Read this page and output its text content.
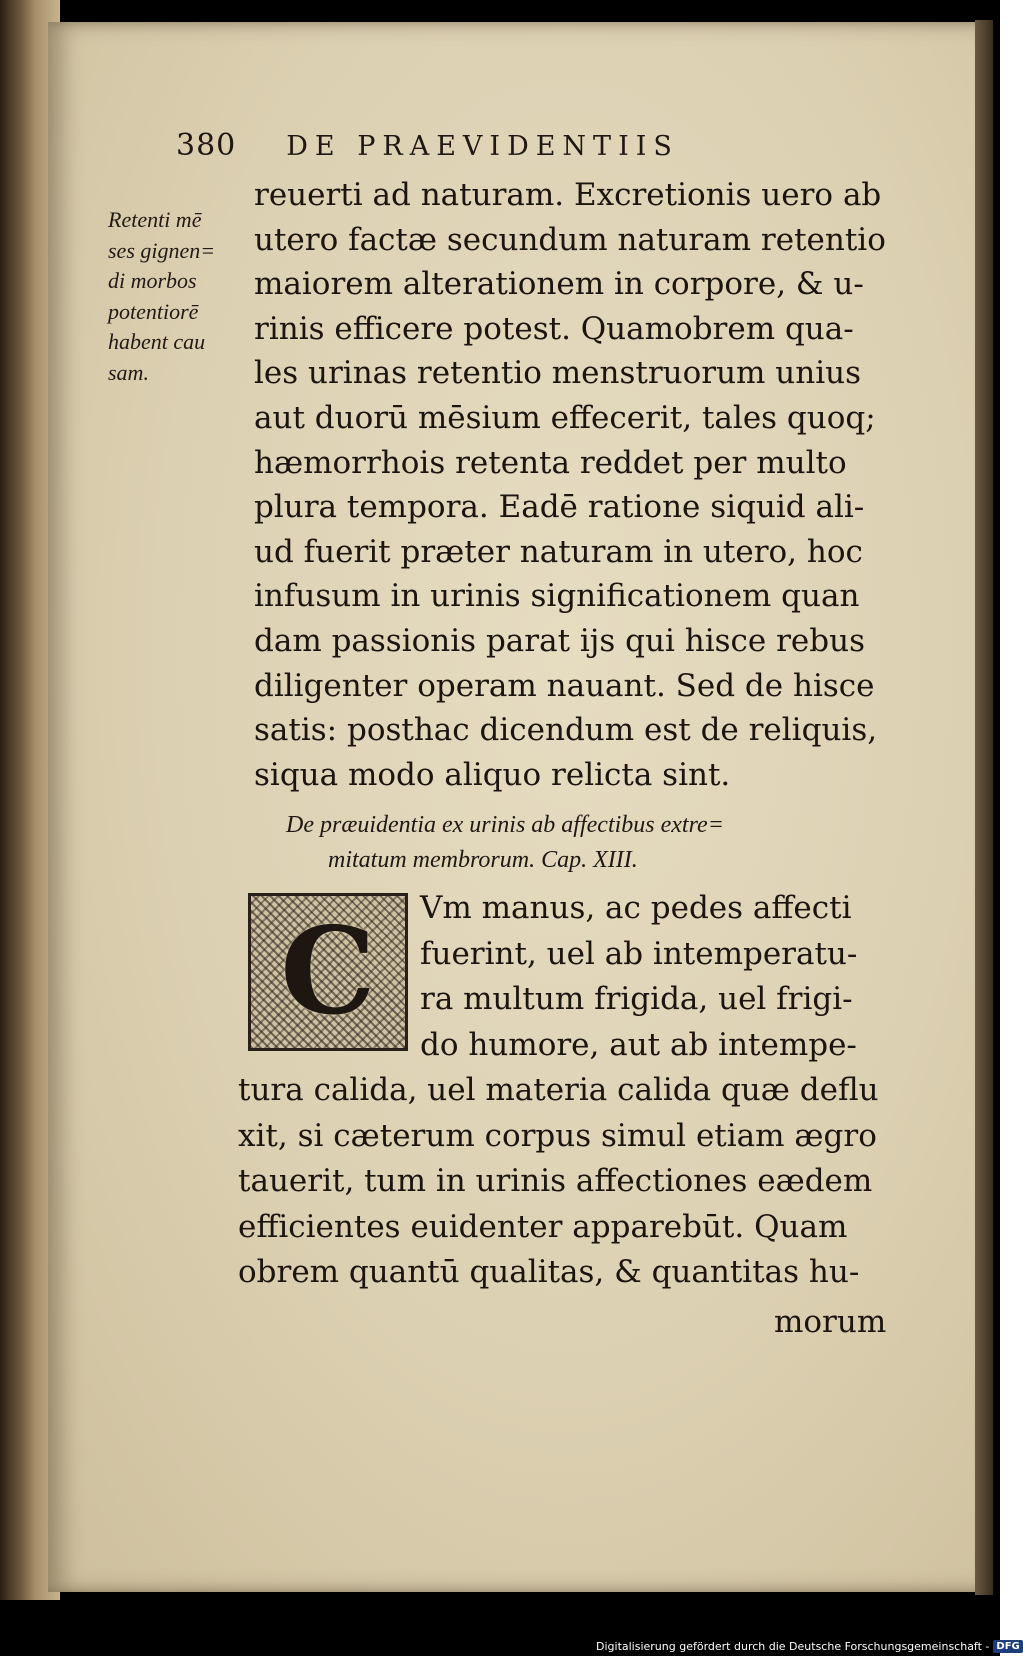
380 DE PRAEVIDENTIIS
Retenti mē
ses gignen=
di morbos
potentiorē
habent cau
sam.
reuerti ad naturam. Excretionis uero ab
utero factæ secundum naturam retentio
maiorem alterationem in corpore, & u-
rinis efficere potest. Quamobrem qua-
les urinas retentio menstruorum unius
aut duorū mēsium effecerit, tales quoq;
hæmorrhois retenta reddet per multo
plura tempora. Eadē ratione siquid ali-
ud fuerit præter naturam in utero, hoc
infusum in urinis significationem quan
dam passionis parat ijs qui hisce rebus
diligenter operam nauant. Sed de hisce
satis: posthac dicendum est de reliquis,
siqua modo aliquo relicta sint.
De præuidentia ex urinis ab affectibus extre=
mitatum membrorum. Cap. XIII.
C Vm manus, ac pedes affecti
fuerint, uel ab intemperatu-
ra multum frigida, uel frigi-
do humore, aut ab intempe-
tura calida, uel materia calida quæ deflu
xit, si cæterum corpus simul etiam ægro
tauerit, tum in urinis affectiones eædem
efficientes euidenter apparebūt. Quam
obrem quantū qualitas, & quantitas hu-
morum
Digitalisierung gefördert durch die Deutsche Forschungsgemeinschaft - DFG
